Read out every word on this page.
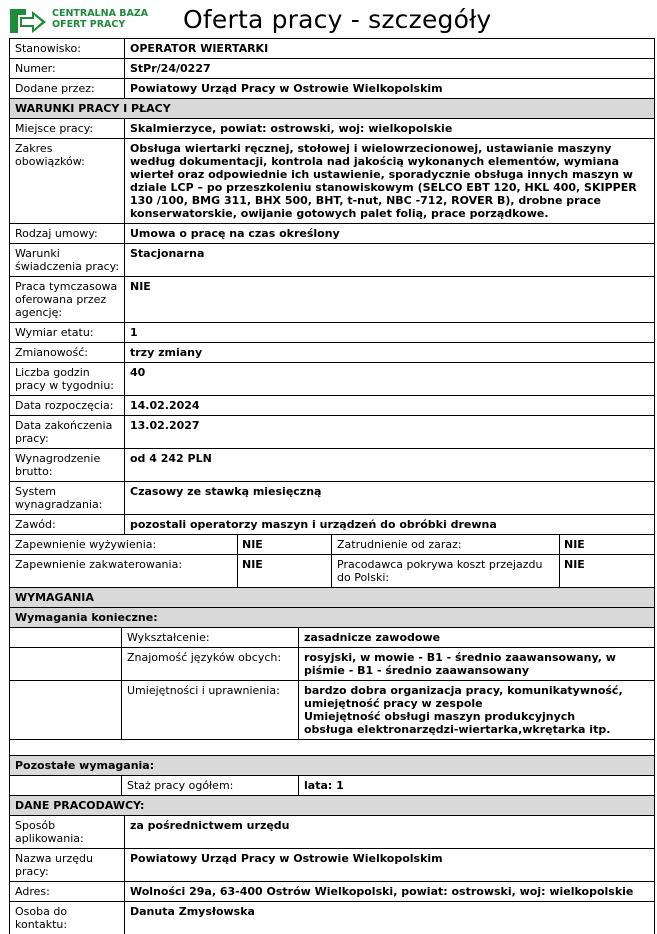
CENTRALNA BAZA
OFERT PRACY	Oferta pracy - szczegóły
Stanowisko:	OPERATOR WIERTARKI
Numer:	StPr/24/0227
Dodane przez:	Powiatowy Urząd Pracy w Ostrowie Wielkopolskim
WARUNKI PRACY I PŁACY
Miejsce pracy:	Skalmierzyce, powiat: ostrowski, woj: wielkopolskie
Zakres obowiązków:
Obsługa wiertarki ręcznej, stołowej i wielowrzecionowej, ustawianie maszyny według dokumentacji, kontrola nad jakością wykonanych elementów, wymiana wierteł oraz odpowiednie ich ustawienie, sporadycznie obsługa innych maszyn w dziale LCP – po przeszkoleniu stanowiskowym (SELCO EBT 120, HKL 400, SKIPPER 130 /100, BMG 311, BHX 500, BHT, t-nut, NBC -712, ROVER B), drobne prace konserwatorskie, owijanie gotowych palet folią, prace porządkowe.
Rodzaj umowy:	Umowa o pracę na czas określony
Warunki świadczenia pracy:
Stacjonarna
Praca tymczasowa oferowana przez agencję:
NIE
Wymiar etatu:	1
Zmianowość:	trzy zmiany
Liczba godzin pracy w tygodniu:
40
Data rozpoczęcia:	14.02.2024
Data zakończenia pracy:
13.02.2027
Wynagrodzenie brutto:
od 4 242 PLN
System wynagradzania:
Czasowy ze stawką miesięczną
Zawód:	pozostali operatorzy maszyn i urządzeń do obróbki drewna
Zapewnienie wyżywienia:	NIE	Zatrudnienie od zaraz:	NIE
Zapewnienie zakwaterowania:	NIE	Pracodawca pokrywa koszt przejazdu do Polski:
NIE
WYMAGANIA
Wymagania konieczne:
Wykształcenie:	zasadnicze zawodowe
Znajomość języków obcych:	rosyjski, w mowie - B1 - średnio zaawansowany, w piśmie - B1 - średnio zaawansowany
Umiejętności i uprawnienia:	bardzo dobra organizacja pracy, komunikatywność, umiejętność pracy w zespole
Umiejętność obsługi maszyn produkcyjnych
obsługa elektronarzędzi-wiertarka,wkrętarka itp.
Pozostałe wymagania:
Staż pracy ogółem:	lata: 1
DANE PRACODAWCY:
Sposób aplikowania:
za pośrednictwem urzędu
Nazwa urzędu pracy:
Powiatowy Urząd Pracy w Ostrowie Wielkopolskim
Adres:	Wolności 29a, 63-400 Ostrów Wielkopolski, powiat: ostrowski, woj: wielkopolskie
Osoba do kontaktu:
Danuta Zmysłowska
